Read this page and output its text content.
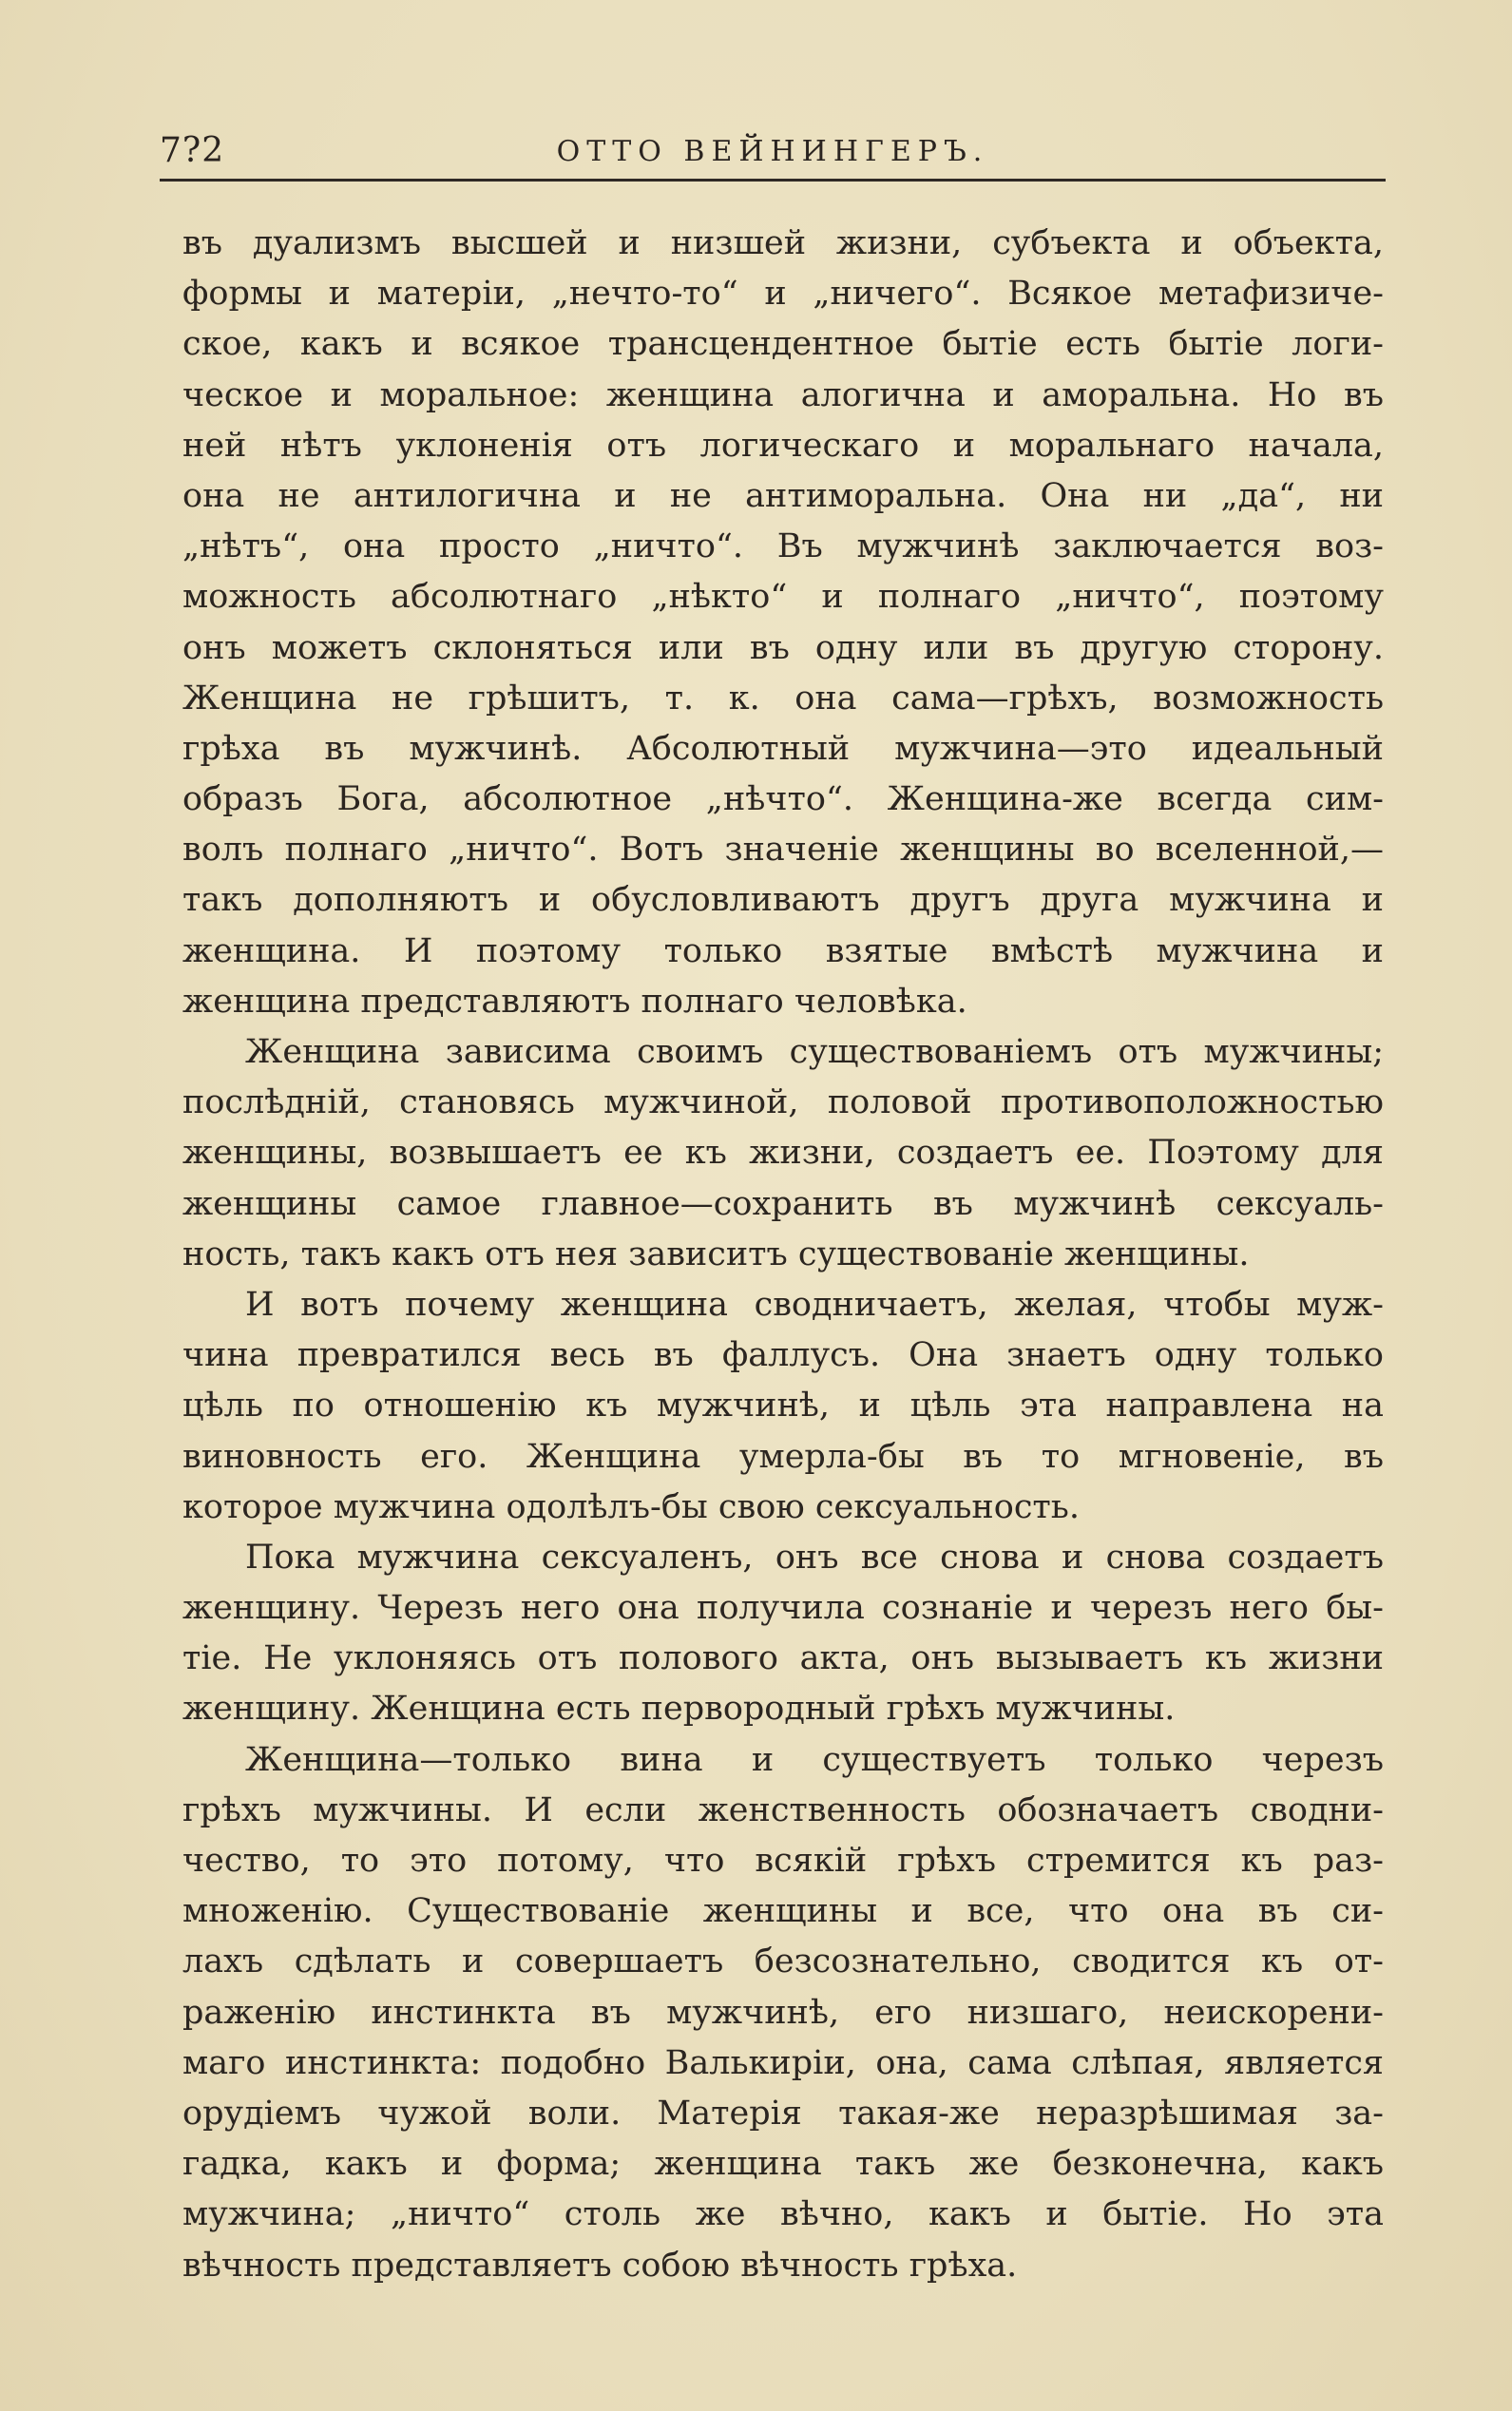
7?2	ОТТО ВЕЙНИНГЕРЪ.
въ дуализмъ высшей и низшей жизни, субъекта и объекта,
формы и матеріи, „нечто-то“ и „ничего“. Всякое метафизиче-
ское, какъ и всякое трансцендентное бытіе есть бытіе логи-
ческое и моральное: женщина алогична и аморальна. Но въ
ней нѣтъ уклоненія отъ логическаго и моральнаго начала,
она не антилогична и не антиморальна. Она ни „да“, ни
„нѣтъ“, она просто „ничто“. Въ мужчинѣ заключается воз-
можность абсолютнаго „нѣкто“ и полнаго „ничто“, поэтому
онъ можетъ склоняться или въ одну или въ другую сторону.
Женщина не грѣшитъ, т. к. она сама—грѣхъ, возможность
грѣха въ мужчинѣ. Абсолютный мужчина—это идеальный
образъ Бога, абсолютное „нѣчто“. Женщина-же всегда сим-
волъ полнаго „ничто“. Вотъ значеніе женщины во вселенной,—
такъ дополняютъ и обусловливаютъ другъ друга мужчина и
женщина. И поэтому только взятые вмѣстѣ мужчина и
женщина представляютъ полнаго человѣка.
Женщина зависима своимъ существованіемъ отъ мужчины;
послѣдній, становясь мужчиной, половой противоположностью
женщины, возвышаетъ ее къ жизни, создаетъ ее. Поэтому для
женщины самое главное—сохранить въ мужчинѣ сексуаль-
ность, такъ какъ отъ нея зависитъ существованіе женщины.
И вотъ почему женщина сводничаетъ, желая, чтобы муж-
чина превратился весь въ фаллусъ. Она знаетъ одну только
цѣль по отношенію къ мужчинѣ, и цѣль эта направлена на
виновность его. Женщина умерла-бы въ то мгновеніе, въ
которое мужчина одолѣлъ-бы свою сексуальность.
Пока мужчина сексуаленъ, онъ все снова и снова создаетъ
женщину. Черезъ него она получила сознаніе и черезъ него бы-
тіе. Не уклоняясь отъ полового акта, онъ вызываетъ къ жизни
женщину. Женщина есть первородный грѣхъ мужчины.
Женщина—только вина и существуетъ только черезъ
грѣхъ мужчины. И если женственность обозначаетъ сводни-
чество, то это потому, что всякій грѣхъ стремится къ раз-
множенію. Существованіе женщины и все, что она въ си-
лахъ сдѣлать и совершаетъ безсознательно, сводится къ от-
раженію инстинкта въ мужчинѣ, его низшаго, неискорени-
маго инстинкта: подобно Валькиріи, она, сама слѣпая, является
орудіемъ чужой воли. Матерія такая-же неразрѣшимая за-
гадка, какъ и форма; женщина такъ же безконечна, какъ
мужчина; „ничто“ столь же вѣчно, какъ и бытіе. Но эта
вѣчность представляетъ собою вѣчность грѣха.
